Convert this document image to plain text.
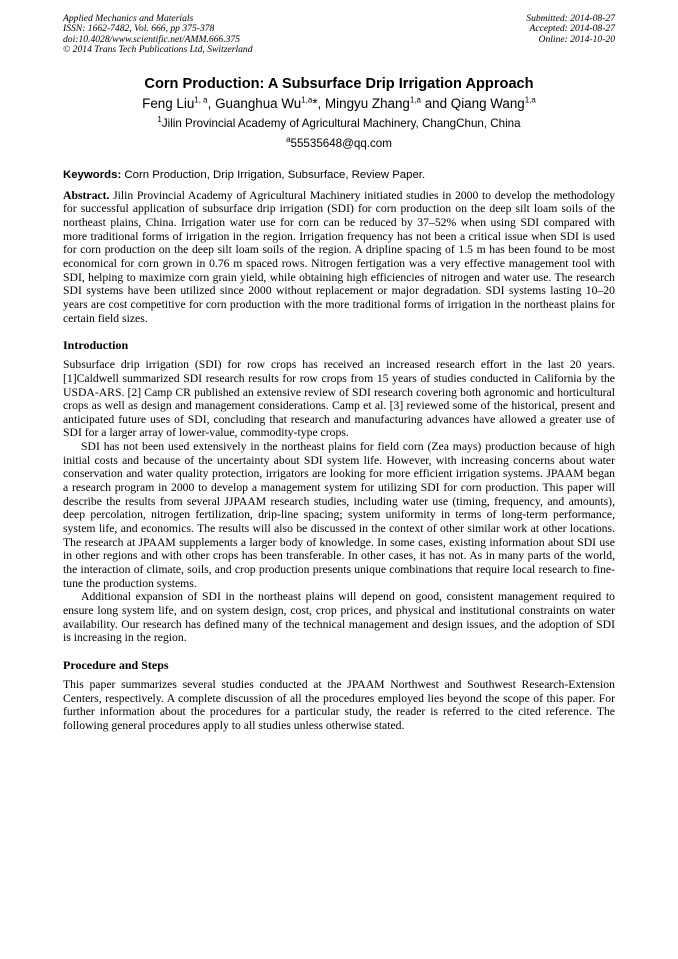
Applied Mechanics and Materials
ISSN: 1662-7482, Vol. 666, pp 375-378
doi:10.4028/www.scientific.net/AMM.666.375
© 2014 Trans Tech Publications Ltd, Switzerland
Submitted: 2014-08-27
Accepted: 2014-08-27
Online: 2014-10-20
Corn Production: A Subsurface Drip Irrigation Approach
Feng Liu$^{1, a}$, Guanghua Wu$^{1,a}$*, Mingyu Zhang$^{1,a}$ and Qiang Wang$^{1,a}$
$^1$Jilin Provincial Academy of Agricultural Machinery, ChangChun, China
$^a$55535648@qq.com
Keywords: Corn Production, Drip Irrigation, Subsurface, Review Paper.

Abstract. Jilin Provincial Academy of Agricultural Machinery initiated studies in 2000 to develop the methodology for successful application of subsurface drip irrigation (SDI) for corn production on the deep silt loam soils of the northeast plains, China. Irrigation water use for corn can be reduced by 37–52% when using SDI compared with more traditional forms of irrigation in the region. Irrigation frequency has not been a critical issue when SDI is used for corn production on the deep silt loam soils of the region. A dripline spacing of 1.5 m has been found to be most economical for corn grown in 0.76 m spaced rows. Nitrogen fertigation was a very effective management tool with SDI, helping to maximize corn grain yield, while obtaining high efficiencies of nitrogen and water use. The research SDI systems have been utilized since 2000 without replacement or major degradation. SDI systems lasting 10–20 years are cost competitive for corn production with the more traditional forms of irrigation in the northeast plains for certain field sizes.

Introduction

Subsurface drip irrigation (SDI) for row crops has received an increased research effort in the last 20 years.[1]Caldwell summarized SDI research results for row crops from 15 years of studies conducted in California by the USDA-ARS. [2] Camp CR published an extensive review of SDI research covering both agronomic and horticultural crops as well as design and management considerations. Camp et al. [3] reviewed some of the historical, present and anticipated future uses of SDI, concluding that research and manufacturing advances have allowed a greater use of SDI for a larger array of lower-value, commodity-type crops.

SDI has not been used extensively in the northeast plains for field corn (Zea mays) production because of high initial costs and because of the uncertainty about SDI system life. However, with increasing concerns about water conservation and water quality protection, irrigators are looking for more efficient irrigation systems. JPAAM began a research program in 2000 to develop a management system for utilizing SDI for corn production. This paper will describe the results from several JJPAAM research studies, including water use (timing, frequency, and amounts), deep percolation, nitrogen fertilization, drip-line spacing; system uniformity in terms of long-term performance, system life, and economics. The results will also be discussed in the context of other similar work at other locations. The research at JPAAM supplements a larger body of knowledge. In some cases, existing information about SDI use in other regions and with other crops has been transferable. In other cases, it has not. As in many parts of the world, the interaction of climate, soils, and crop production presents unique combinations that require local research to fine-tune the production systems.

Additional expansion of SDI in the northeast plains will depend on good, consistent management required to ensure long system life, and on system design, cost, crop prices, and physical and institutional constraints on water availability. Our research has defined many of the technical management and design issues, and the adoption of SDI is increasing in the region.

Procedure and Steps

This paper summarizes several studies conducted at the JPAAM Northwest and Southwest Research-Extension Centers, respectively. A complete discussion of all the procedures employed lies beyond the scope of this paper. For further information about the procedures for a particular study, the reader is referred to the cited reference. The following general procedures apply to all studies unless otherwise stated.
